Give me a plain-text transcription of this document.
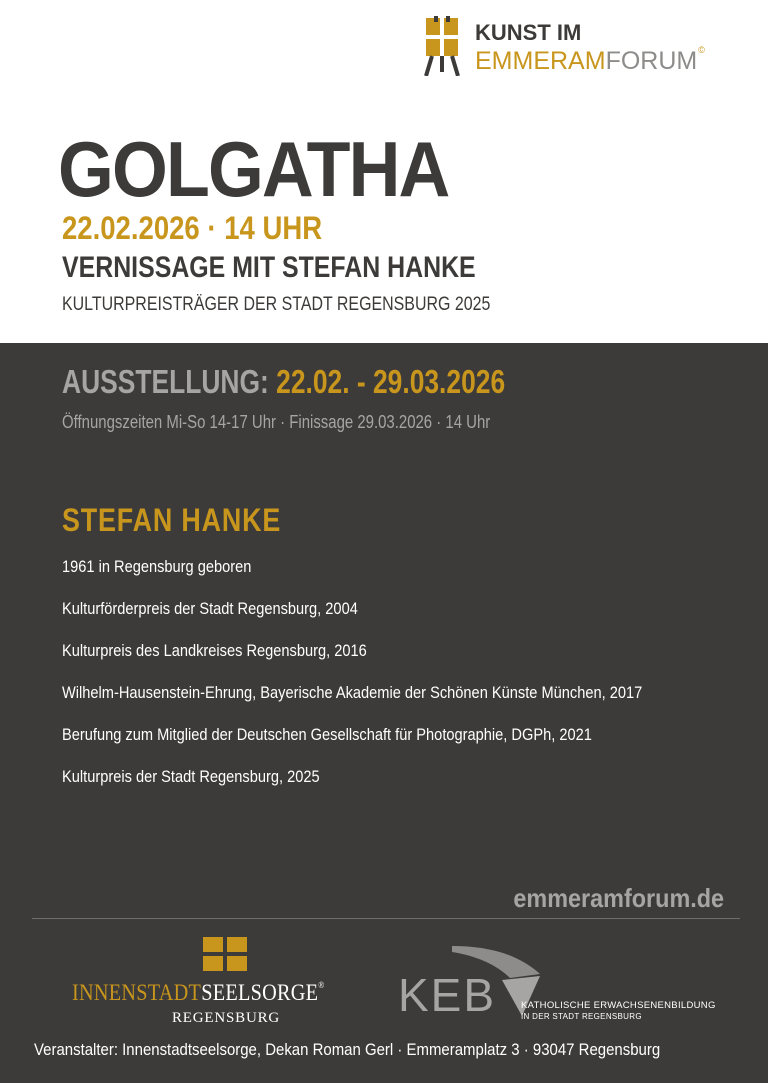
KUNST IM
EMMERAMFORUM©
GOLGATHA
22.02.2026 · 14 UHR
VERNISSAGE MIT STEFAN HANKE
KULTURPREISTRÄGER DER STADT REGENSBURG 2025
AUSSTELLUNG: 22.02. - 29.03.2026
Öffnungszeiten Mi-So 14-17 Uhr · Finissage 29.03.2026 · 14 Uhr
STEFAN HANKE
1961 in Regensburg geboren
Kulturförderpreis der Stadt Regensburg, 2004
Kulturpreis des Landkreises Regensburg, 2016
Wilhelm-Hausenstein-Ehrung, Bayerische Akademie der Schönen Künste München, 2017
Berufung zum Mitglied der Deutschen Gesellschaft für Photographie, DGPh, 2021
Kulturpreis der Stadt Regensburg, 2025
emmeramforum.de
INNENSTADTSEELSORGE®
REGENSBURG	KEB	KATHOLISCHE ERWACHSENENBILDUNG
IN DER STADT REGENSBURG
Veranstalter: Innenstadtseelsorge, Dekan Roman Gerl · Emmeramplatz 3 · 93047 Regensburg
